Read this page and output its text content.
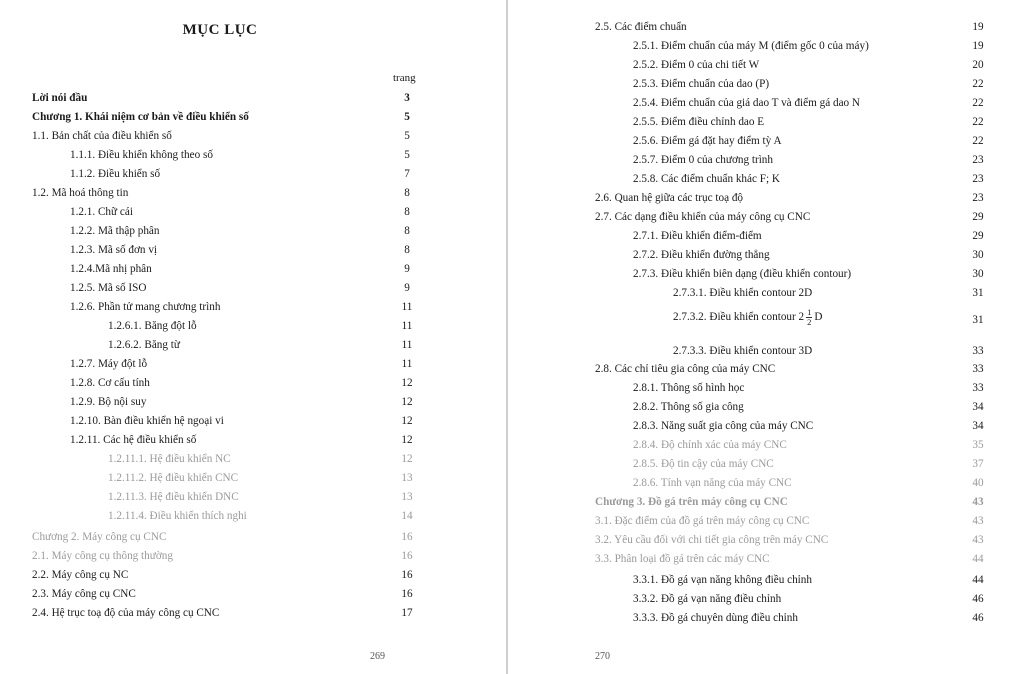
MỤC LỤC
trang
Lời nói đầu	3
Chương 1. Khái niệm cơ bản về điều khiển số	5
1.1. Bản chất của điều khiển số	5
1.1.1. Điều khiển không theo số	5
1.1.2. Điều khiển số	7
1.2. Mã hoá thông tin	8
1.2.1. Chữ cái	8
1.2.2. Mã thập phân	8
1.2.3. Mã số đơn vị	8
1.2.4.Mã nhị phân	9
1.2.5. Mã số ISO	9
1.2.6. Phần tử mang chương trình	11
1.2.6.1. Băng đột lỗ	11
1.2.6.2. Băng từ	11
1.2.7. Máy đột lỗ	11
1.2.8. Cơ cấu tính	12
1.2.9. Bộ nội suy	12
1.2.10. Bàn điều khiển hệ ngoại vi	12
1.2.11. Các hệ điều khiển số	12
1.2.11.1. Hệ điều khiển NC	12
1.2.11.2. Hệ điều khiển CNC	13
1.2.11.3. Hệ điều khiển DNC	13
1.2.11.4. Điều khiển thích nghi	14
Chương 2. Máy công cụ CNC	16
2.1. Máy công cụ thông thường	16
2.2. Máy công cụ NC	16
2.3. Máy công cụ CNC	16
2.4. Hệ trục toạ độ của máy công cụ CNC	17
269
2.5. Các điểm chuẩn	19
2.5.1. Điểm chuẩn của máy M (điểm gốc 0 của máy)	19
2.5.2. Điểm 0 của chi tiết W	20
2.5.3. Điểm chuẩn của dao (P)	22
2.5.4. Điểm chuẩn của giá dao T và điểm gá dao N	22
2.5.5. Điểm điều chỉnh dao E	22
2.5.6. Điểm gá đặt hay điểm tỳ A	22
2.5.7. Điểm 0 của chương trình	23
2.5.8. Các điểm chuẩn khác F; K	23
2.6. Quan hệ giữa các trục toạ độ	23
2.7. Các dạng điều khiển của máy công cụ CNC	29
2.7.1. Điều khiển điểm-điểm	29
2.7.2. Điều khiển đường thẳng	30
2.7.3. Điều khiển biên dạng (điều khiển contour)	30
2.7.3.1. Điều khiển contour 2D	31
2.7.3.2. Điều khiển contour $2 \frac{1}{2}$ D	31
2.7.3.3. Điều khiển contour 3D	33
2.8. Các chỉ tiêu gia công của máy CNC	33
2.8.1. Thông số hình học	33
2.8.2. Thông số gia công	34
2.8.3. Năng suất gia công của máy CNC	34
2.8.4. Độ chính xác của máy CNC	35
2.8.5. Độ tin cậy của máy CNC	37
2.8.6. Tính vạn năng của máy CNC	40
Chương 3. Đồ gá trên máy công cụ CNC	43
3.1. Đặc điểm của đồ gá trên máy công cụ CNC	43
3.2. Yêu cầu đối với chi tiết gia công trên máy CNC	43
3.3. Phân loại đồ gá trên các máy CNC	44
3.3.1. Đồ gá vạn năng không điều chỉnh	44
3.3.2. Đồ gá vạn năng điều chỉnh	46
3.3.3. Đồ gá chuyên dùng điều chỉnh	46
270
